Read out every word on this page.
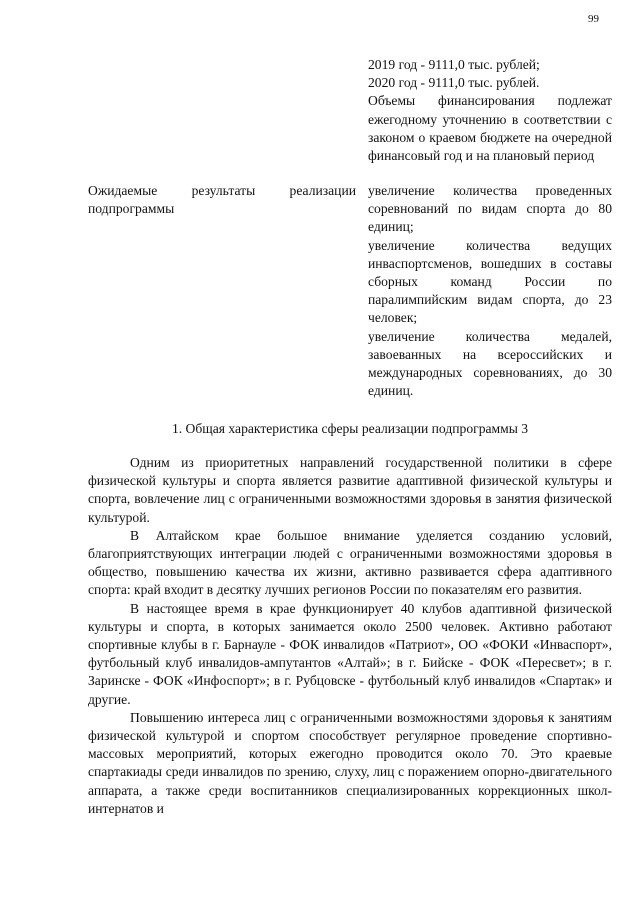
99
2019 год - 9111,0 тыс. рублей;
2020 год - 9111,0 тыс. рублей.
Объемы финансирования подлежат ежегодному уточнению в соответствии с законом о краевом бюджете на очередной финансовый год и на плановый период
Ожидаемые результаты реализации подпрограммы

увеличение количества проведенных соревнований по видам спорта до 80 единиц;

увеличение количества ведущих инваспортсменов, вошедших в составы сборных команд России по паралимпийским видам спорта, до 23 человек;

увеличение количества медалей, завоеванных на всероссийских и международных соревнованиях, до 30 единиц.

1. Общая характеристика сферы реализации подпрограммы 3

Одним из приоритетных направлений государственной политики в сфере физической культуры и спорта является развитие адаптивной физической культуры и спорта, вовлечение лиц с ограниченными возможностями здоровья в занятия физической культурой.

В Алтайском крае большое внимание уделяется созданию условий, благоприятствующих интеграции людей с ограниченными возможностями здоровья в общество, повышению качества их жизни, активно развивается сфера адаптивного спорта: край входит в десятку лучших регионов России по показателям его развития.

В настоящее время в крае функционирует 40 клубов адаптивной физической культуры и спорта, в которых занимается около 2500 человек. Активно работают спортивные клубы в г. Барнауле - ФОК инвалидов «Патриот», ОО «ФОКИ «Инваспорт», футбольный клуб инвалидов-ампутантов «Алтай»; в г. Бийске - ФОК «Пересвет»; в г. Заринске - ФОК «Инфоспорт»; в г. Рубцовске - футбольный клуб инвалидов «Спартак» и другие.

Повышению интереса лиц с ограниченными возможностями здоровья к занятиям физической культурой и спортом способствует регулярное проведение спортивно-массовых мероприятий, которых ежегодно проводится около 70. Это краевые спартакиады среди инвалидов по зрению, слуху, лиц с поражением опорно-двигательного аппарата, а также среди воспитанников специализированных коррекционных школ-интернатов и
